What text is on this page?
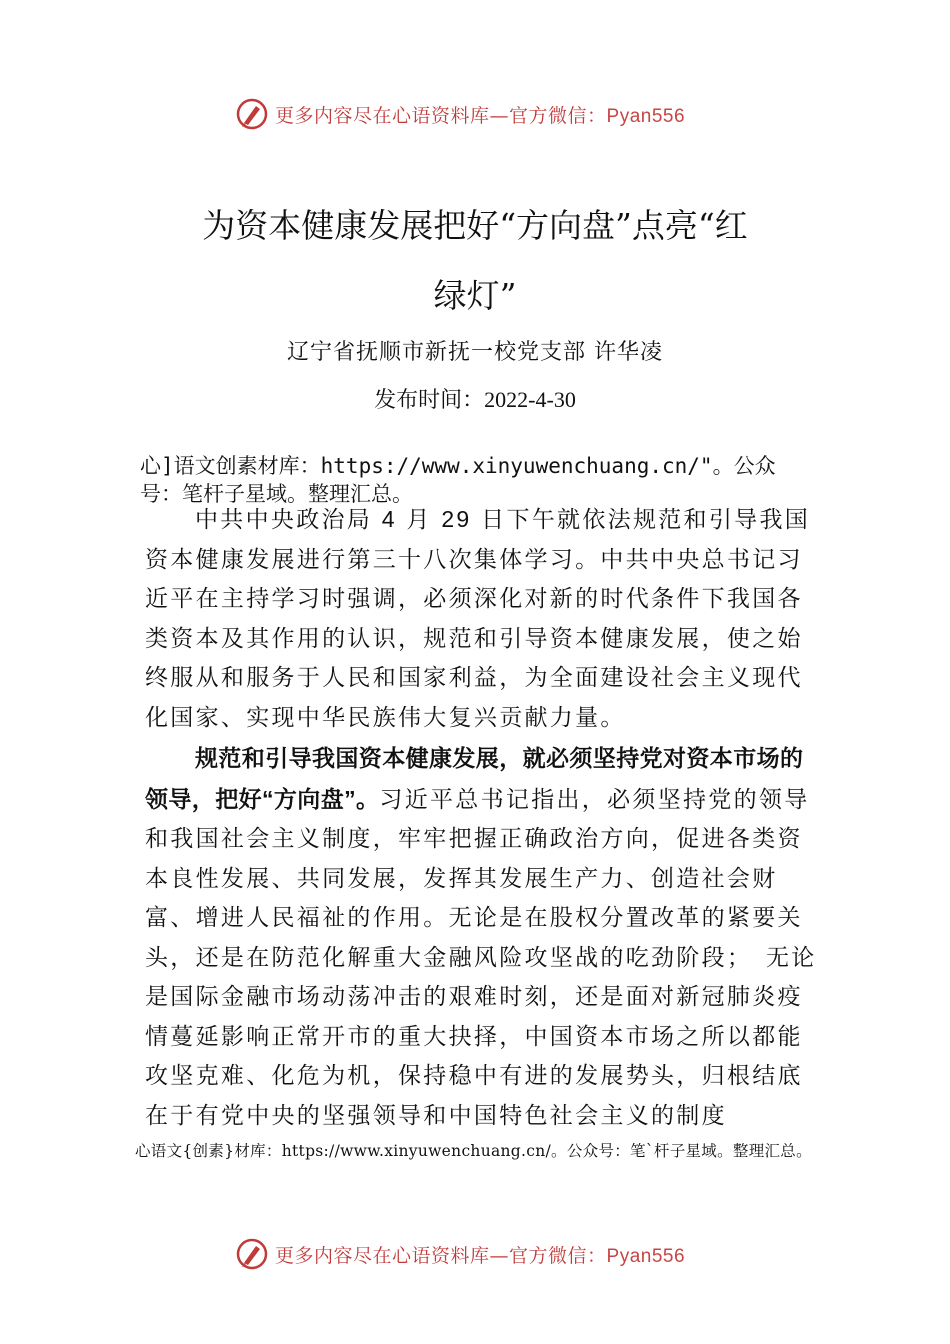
更多内容尽在心语资料库—官方微信：Pyan556
为资本健康发展把好“方向盘”点亮“红
绿灯”
辽宁省抚顺市新抚一校党支部 许华凌
发布时间：2022-4-30
心]语文创素材库：https://www.xinyuwenchuang.cn/"。公众
号：笔杆子星域。整理汇总。

中共中央政治局 4 月 29 日下午就依法规范和引导我国资本健康发展进行第三十八次集体学习。中共中央总书记习近平在主持学习时强调，必须深化对新的时代条件下我国各类资本及其作用的认识，规范和引导资本健康发展，使之始终服从和服务于人民和国家利益，为全面建设社会主义现代化国家、实现中华民族伟大复兴贡献力量。

规范和引导我国资本健康发展，就必须坚持党对资本市场的领导，把好“方向盘”。习近平总书记指出，必须坚持党的领导和我国社会主义制度，牢牢把握正确政治方向，促进各类资本良性发展、共同发展，发挥其发展生产力、创造社会财富、增进人民福祉的作用。无论是在股权分置改革的紧要关头，还是在防范化解重大金融风险攻坚战的吃劲阶段；　无论是国际金融市场动荡冲击的艰难时刻，还是面对新冠肺炎疫情蔓延影响正常开市的重大抉择，中国资本市场之所以都能攻坚克难、化危为机，保持稳中有进的发展势头，归根结底在于有党中央的坚强领导和中国特色社会主义的制度

心语文{创素}材库：https://www.xinyuwenchuang.cn/。公众号：笔`杆子星域。整理汇总。
更多内容尽在心语资料库—官方微信：Pyan556
